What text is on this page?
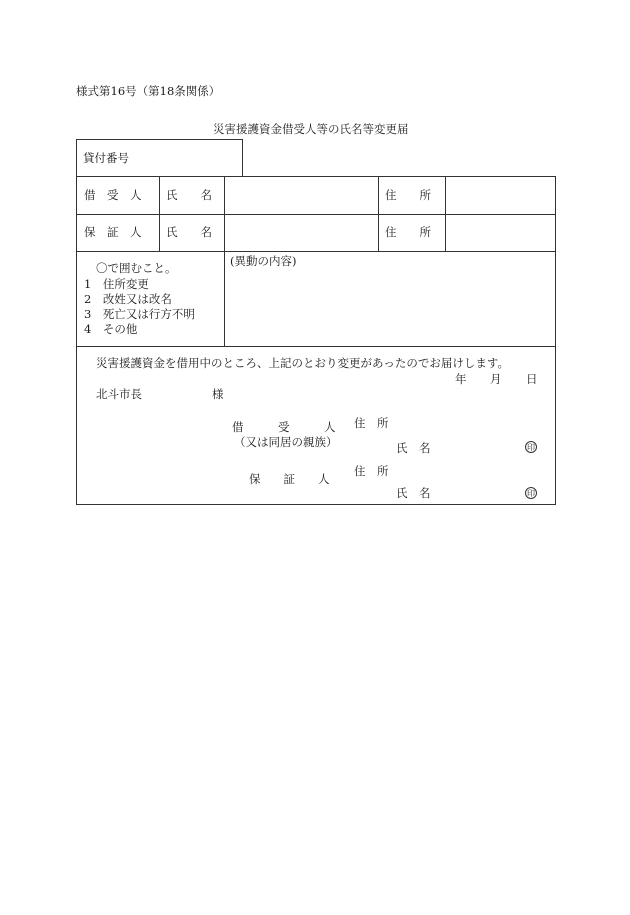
様式第16号（第18条関係）
災害援護資金借受人等の氏名等変更届
貸付番号
借　受　人 氏　　名	住　　所
保　証　人 氏　　名	住　　所
〇で囲むこと。
1　住所変更
2　改姓又は改名
3　死亡又は行方不明
4　その他
(異動の内容)
災害援護資金を借用中のところ、上記のとおり変更があったのでお届けします。
年 月 日
北斗市長	様
借　　　受　　　人 住　所
（又は同居の親族）	氏　名	印
住　所
保　　証　　人
氏　名	印
